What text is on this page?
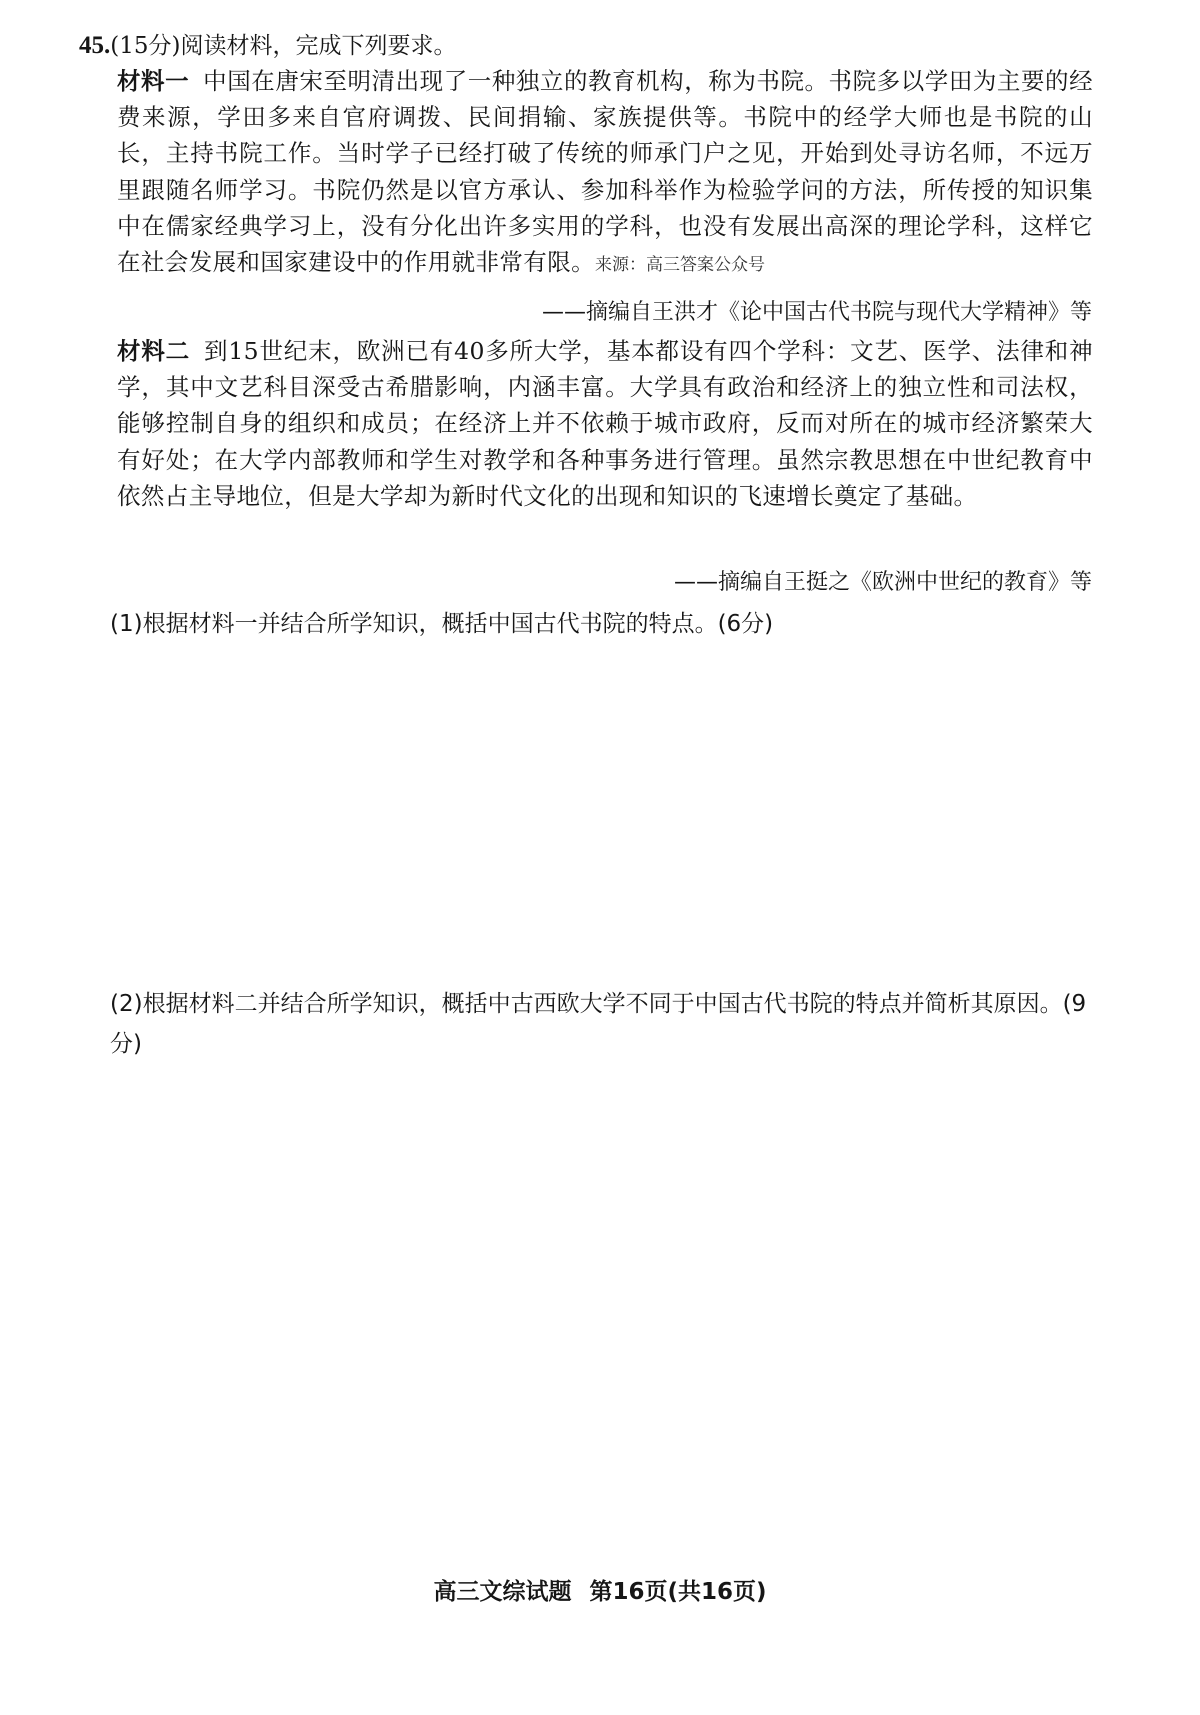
45.(15分)阅读材料，完成下列要求。
材料一 中国在唐宋至明清出现了一种独立的教育机构，称为书院。书院多以学田为主要的经费来源，学田多来自官府调拨、民间捐输、家族提供等。书院中的经学大师也是书院的山长，主持书院工作。当时学子已经打破了传统的师承门户之见，开始到处寻访名师，不远万里跟随名师学习。书院仍然是以官方承认、参加科举作为检验学问的方法，所传授的知识集中在儒家经典学习上，没有分化出许多实用的学科，也没有发展出高深的理论学科，这样它在社会发展和国家建设中的作用就非常有限。来源：高三答案公众号
——摘编自王洪才《论中国古代书院与现代大学精神》等
材料二 到15世纪末，欧洲已有40多所大学，基本都设有四个学科：文艺、医学、法律和神学，其中文艺科目深受古希腊影响，内涵丰富。大学具有政治和经济上的独立性和司法权，能够控制自身的组织和成员；在经济上并不依赖于城市政府，反而对所在的城市经济繁荣大有好处；在大学内部教师和学生对教学和各种事务进行管理。虽然宗教思想在中世纪教育中依然占主导地位，但是大学却为新时代文化的出现和知识的飞速增长奠定了基础。
——摘编自王挺之《欧洲中世纪的教育》等
(1)根据材料一并结合所学知识，概括中国古代书院的特点。(6分)
(2)根据材料二并结合所学知识，概括中古西欧大学不同于中国古代书院的特点并简析其原因。(9分)
高三文综试题 第16页(共16页)
